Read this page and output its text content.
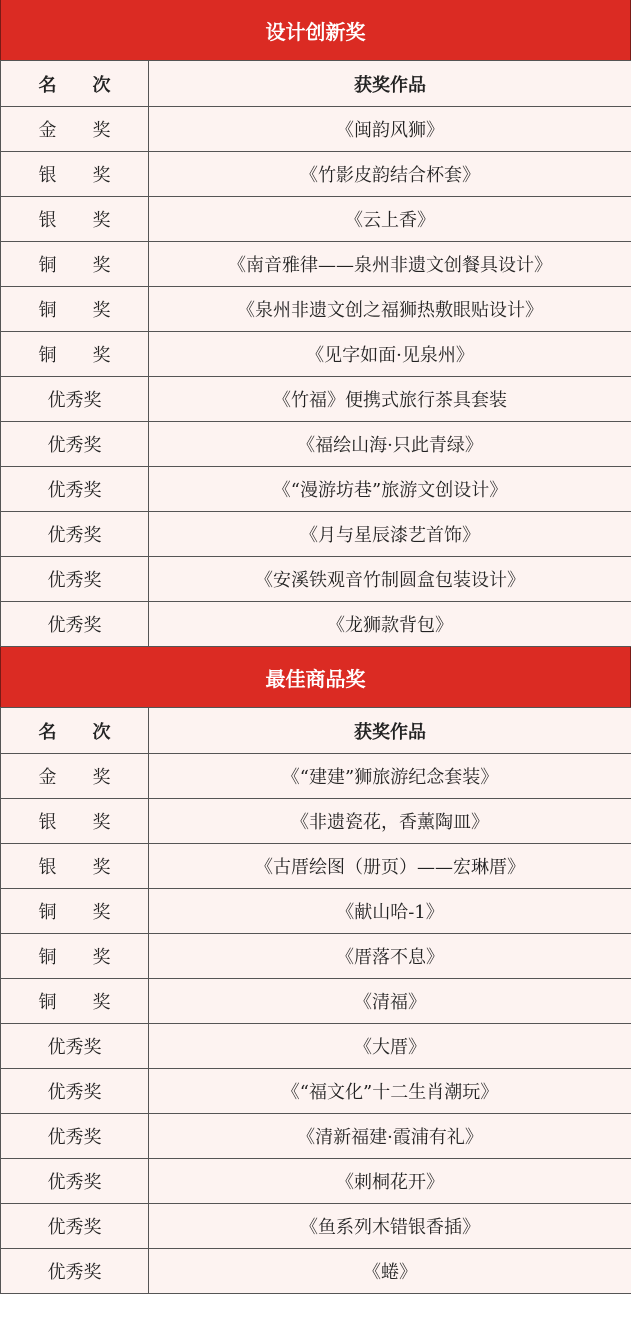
设计创新奖
名　　次	获奖作品
金　　奖	《闽韵风狮》
银　　奖	《竹影皮韵结合杯套》
银　　奖	《云上香》
铜　　奖	《南音雅律——泉州非遗文创餐具设计》
铜　　奖	《泉州非遗文创之福狮热敷眼贴设计》
铜　　奖	《见字如面·见泉州》
优秀奖	《竹福》便携式旅行茶具套装
优秀奖	《福绘山海·只此青绿》
优秀奖	《“漫游坊巷”旅游文创设计》
优秀奖	《月与星辰漆艺首饰》
优秀奖	《安溪铁观音竹制圆盒包装设计》
优秀奖	《龙狮款背包》
最佳商品奖
名　　次	获奖作品
金　　奖	《“建建”狮旅游纪念套装》
银　　奖	《非遗瓷花，香薰陶皿》
银　　奖	《古厝绘图（册页）——宏琳厝》
铜　　奖	《献山哈-1》
铜　　奖	《厝落不息》
铜　　奖	《清福》
优秀奖	《大厝》
优秀奖	《“福文化”十二生肖潮玩》
优秀奖	《清新福建·霞浦有礼》
优秀奖	《刺桐花开》
优秀奖	《鱼系列木错银香插》
优秀奖	《蜷》
